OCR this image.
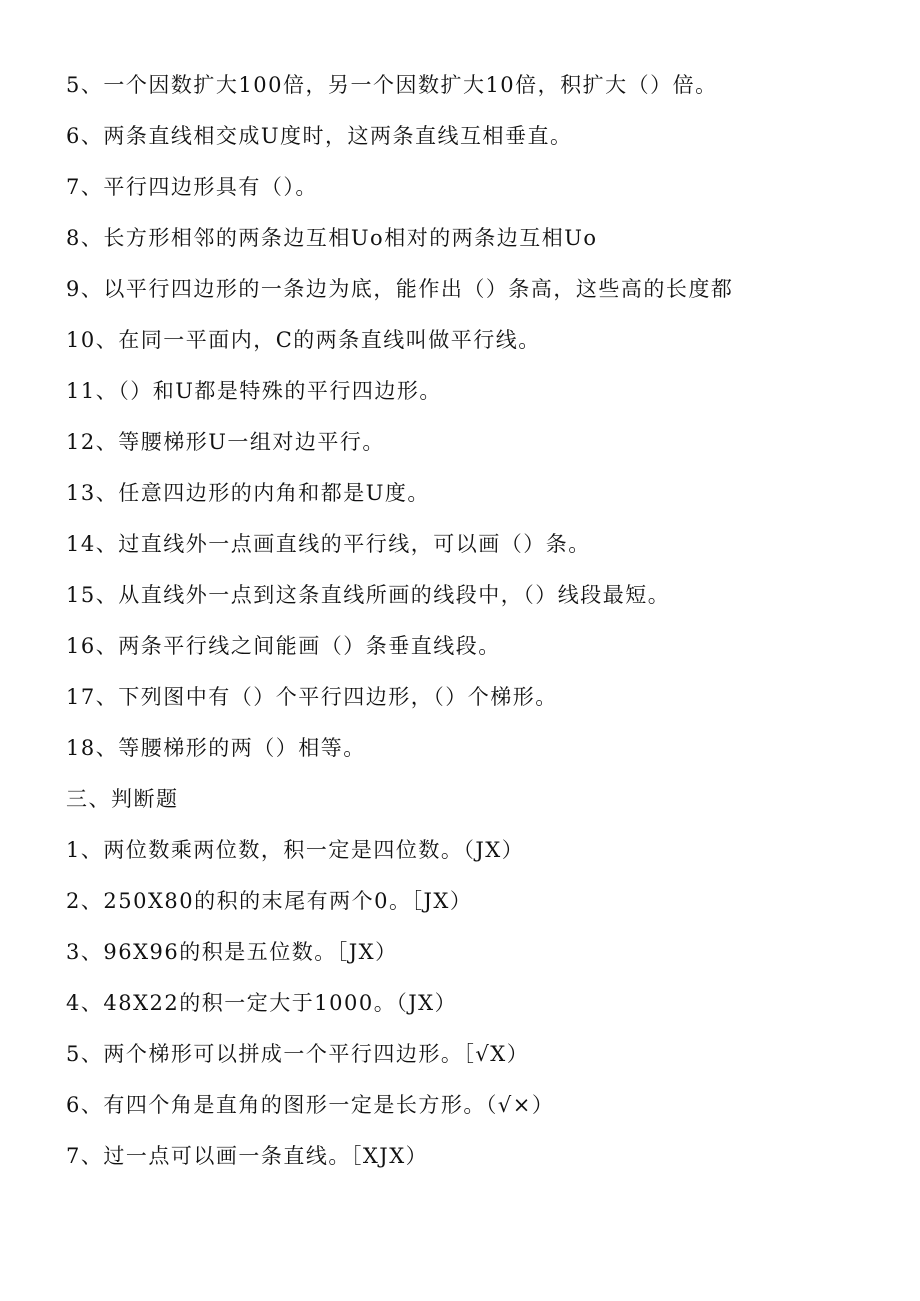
5、一个因数扩大100倍，另一个因数扩大10倍，积扩大（）倍。
6、两条直线相交成U度时，这两条直线互相垂直。
7、平行四边形具有（）。
8、长方形相邻的两条边互相Uo相对的两条边互相Uo
9、以平行四边形的一条边为底，能作出（）条高，这些高的长度都
10、在同一平面内，C的两条直线叫做平行线。
11、（）和U都是特殊的平行四边形。
12、等腰梯形U一组对边平行。
13、任意四边形的内角和都是U度。
14、过直线外一点画直线的平行线，可以画（）条。
15、从直线外一点到这条直线所画的线段中，（）线段最短。
16、两条平行线之间能画（）条垂直线段。
17、下列图中有（）个平行四边形，（）个梯形。
18、等腰梯形的两（）相等。
三、判断题
1、两位数乘两位数，积一定是四位数。（JX）
2、250X80的积的末尾有两个0。［JX）
3、96X96的积是五位数。［JX）
4、48X22的积一定大于1000。（JX）
5、两个梯形可以拼成一个平行四边形。［√X）
6、有四个角是直角的图形一定是长方形。（√×）
7、过一点可以画一条直线。［XJX）
